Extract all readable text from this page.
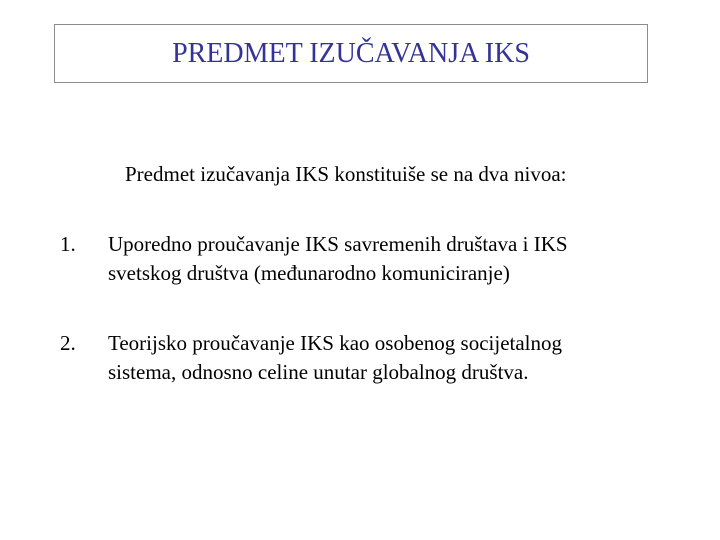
PREDMET IZUČAVANJA IKS
Predmet izučavanja IKS konstituiše se na dva nivoa:
1.	Uporedno proučavanje IKS savremenih društava i IKS
svetskog društva (međunarodno komuniciranje)
2.	Teorijsko proučavanje IKS kao osobenog socijetalnog
sistema, odnosno celine unutar globalnog društva.
